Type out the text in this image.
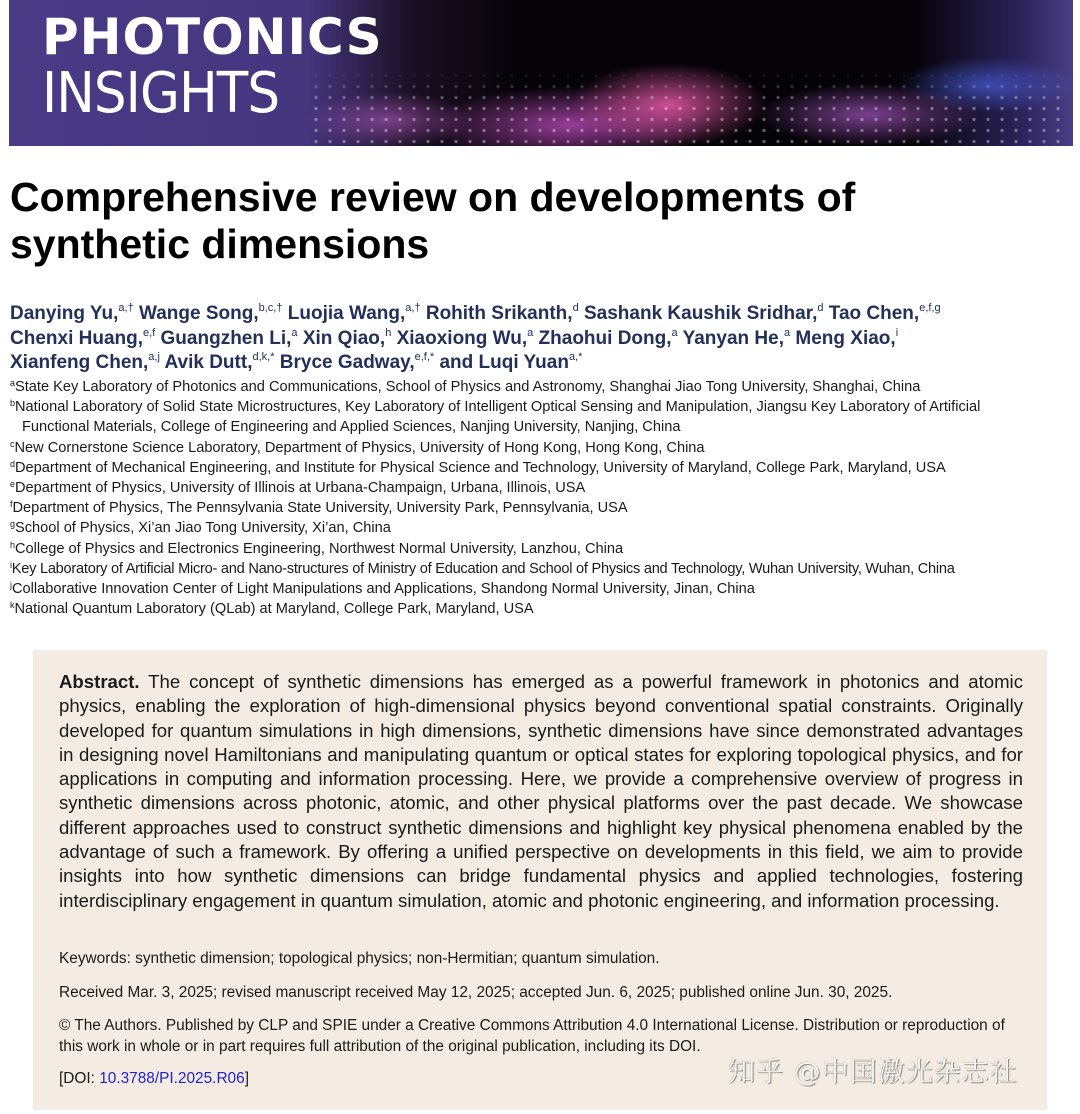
PHOTONICS
INSIGHTS
Comprehensive review on developments of
synthetic dimensions
Danying Yu,$^{a,\dagger}$ Wange Song,$^{b,c,\dagger}$ Luojia Wang,$^{a,\dagger}$ Rohith Srikanth,$^d$ Sashank Kaushik Sridhar,$^d$ Tao Chen,$^{e,f,g}$
Chenxi Huang,$^{e,f}$ Guangzhen Li,$^a$ Xin Qiao,$^h$ Xiaoxiong Wu,$^a$ Zhaohui Dong,$^a$ Yanyan He,$^a$ Meng Xiao,$^i$
Xianfeng Chen,$^{a,j}$ Avik Dutt,$^{d,k,*}$ Bryce Gadway,$^{e,f,*}$ and Luqi Yuan$^{a,*}$
$^a$State Key Laboratory of Photonics and Communications, School of Physics and Astronomy, Shanghai Jiao Tong University, Shanghai, China
$^b$National Laboratory of Solid State Microstructures, Key Laboratory of Intelligent Optical Sensing and Manipulation, Jiangsu Key Laboratory of Artificial
Functional Materials, College of Engineering and Applied Sciences, Nanjing University, Nanjing, China
$^c$New Cornerstone Science Laboratory, Department of Physics, University of Hong Kong, Hong Kong, China
$^d$Department of Mechanical Engineering, and Institute for Physical Science and Technology, University of Maryland, College Park, Maryland, USA
$^e$Department of Physics, University of Illinois at Urbana-Champaign, Urbana, Illinois, USA
$^f$Department of Physics, The Pennsylvania State University, University Park, Pennsylvania, USA
$^g$School of Physics, Xi’an Jiao Tong University, Xi’an, China
$^h$College of Physics and Electronics Engineering, Northwest Normal University, Lanzhou, China
$^i$Key Laboratory of Artificial Micro- and Nano-structures of Ministry of Education and School of Physics and Technology, Wuhan University, Wuhan, China
$^j$Collaborative Innovation Center of Light Manipulations and Applications, Shandong Normal University, Jinan, China
$^k$National Quantum Laboratory (QLab) at Maryland, College Park, Maryland, USA

Abstract. The concept of synthetic dimensions has emerged as a powerful framework in photonics and atomic physics, enabling the exploration of high-dimensional physics beyond conventional spatial constraints. Originally developed for quantum simulations in high dimensions, synthetic dimensions have since demonstrated advantages in designing novel Hamiltonians and manipulating quantum or optical states for exploring topological physics, and for applications in computing and information processing. Here, we provide a comprehensive overview of progress in synthetic dimensions across photonic, atomic, and other physical platforms over the past decade. We showcase different approaches used to construct synthetic dimensions and highlight key physical phenomena enabled by the advantage of such a framework. By offering a unified perspective on developments in this field, we aim to provide insights into how synthetic dimensions can bridge fundamental physics and applied technologies, fostering interdisciplinary engagement in quantum simulation, atomic and photonic engineering, and information processing.

Keywords: synthetic dimension; topological physics; non-Hermitian; quantum simulation.
Received Mar. 3, 2025; revised manuscript received May 12, 2025; accepted Jun. 6, 2025; published online Jun. 30, 2025.
© The Authors. Published by CLP and SPIE under a Creative Commons Attribution 4.0 International License. Distribution or reproduction of this work in whole or in part requires full attribution of the original publication, including its DOI.
[DOI: 10.3788/PI.2025.R06]	知乎 @中国激光杂志社
